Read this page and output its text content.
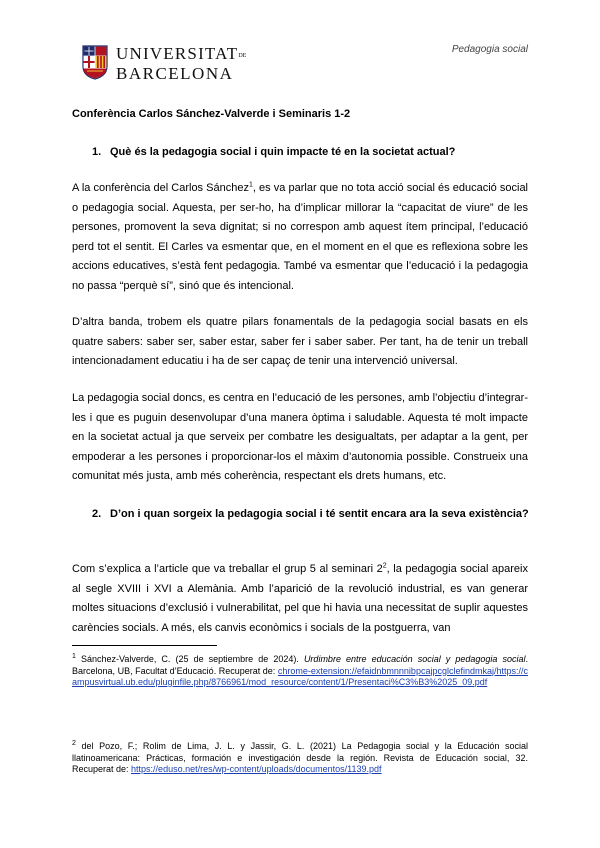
UNIVERSITATDE
BARCELONA
Pedagogia social
Conferència Carlos Sánchez-Valverde i Seminaris 1-2
1. Què és la pedagogia social i quin impacte té en la societat actual?

A la conferència del Carlos Sánchez$^1$, es va parlar que no tota acció social és educació social o pedagogia social. Aquesta, per ser-ho, ha d’implicar millorar la “capacitat de viure” de les persones, promovent la seva dignitat; si no correspon amb aquest ítem principal, l’educació perd tot el sentit. El Carles va esmentar que, en el moment en el que es reflexiona sobre les accions educatives, s’està fent pedagogia. També va esmentar que l’educació i la pedagogia no passa “perquè sí”, sinó que és intencional.

D’altra banda, trobem els quatre pilars fonamentals de la pedagogia social basats en els quatre sabers: saber ser, saber estar, saber fer i saber saber. Per tant, ha de tenir un treball intencionadament educatiu i ha de ser capaç de tenir una intervenció universal.

La pedagogia social doncs, es centra en l’educació de les persones, amb l’objectiu d’integrar-les i que es puguin desenvolupar d’una manera òptima i saludable. Aquesta té molt impacte en la societat actual ja que serveix per combatre les desigualtats, per adaptar a la gent, per empoderar a les persones i proporcionar-los el màxim d’autonomia possible. Construeix una comunitat més justa, amb més coherència, respectant els drets humans, etc.

2. D’on i quan sorgeix la pedagogia social i té sentit encara ara la seva existència?

Com s’explica a l’article que va treballar el grup 5 al seminari $2^2$, la pedagogia social apareix al segle XVIII i XVI a Alemània. Amb l’aparició de la revolució industrial, es van generar moltes situacions d’exclusió i vulnerabilitat, pel que hi havia una necessitat de suplir aquestes carències socials. A més, els canvis econòmics i socials de la postguerra, van

$^1$ Sánchez-Valverde, C. (25 de septiembre de 2024). Urdimbre entre educación social y pedagogia social. Barcelona, UB, Facultat d’Educació. Recuperat de: chrome-extension://efaidnbmnnnibpcajpcglclefindmkaj/https://campusvirtual.ub.edu/pluginfile.php/8766961/mod_resource/content/1/Presentaci%C3%B3%2025_09.pdf

$^2$ del Pozo, F.; Rolim de Lima, J. L. y Jassir, G. L. (2021) La Pedagogia social y la Educación social llatinoamericana: Prácticas, formación e investigación desde la región. Revista de Educación social, 32. Recuperat de: https://eduso.net/res/wp-content/uploads/documentos/1139.pdf
